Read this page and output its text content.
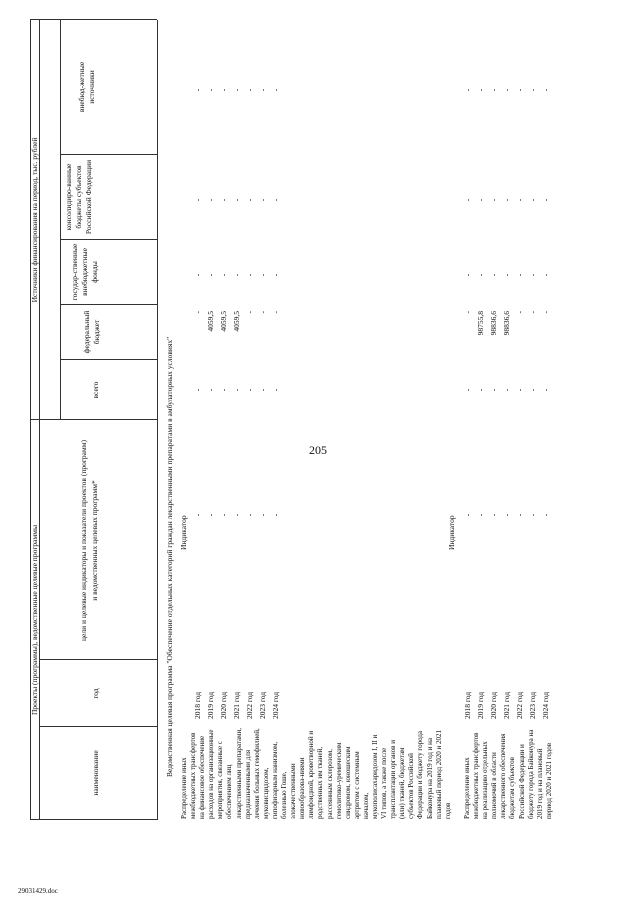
205
29031429.doc
Проекты (программы), ведомственные целевые программы
Источники финансирования на период, тыс. рублей
наименование
год
цели и целевые индикаторы и показатели проектов (программ) и ведомственных целевых программ*
всего
федеральный бюджет
государ-ственные внебюджетные фонды
консолидиро-ванные бюджеты субъектов Российской Федерации
внебюд-жетные источники
Ведомственная целевая программа "Обеспечение отдельных категорий граждан лекарственными препаратами в амбулаторных условиях"
Распределение иных межбюджетных трансфертов на финансовое обеспечение расходов на организационные мероприятия, связанные с обеспечением лиц лекарственными препаратами, предназначенными для лечения больных гемофилией, муковисцидозом, гипофизарным нанизмом, болезнью Гоше, злокачественными новообразова-ниями лимфоидной, кроветворной и родственных им тканей, рассеянным склерозом, гемолитико-уремическим синдромом, юношеским артритом с системным началом, мукополисахаридозом I, II и VI типов, а также после трансплантации органов и (или) тканей, бюджетам субъектов Российской Федерации и бюджету города Байконура на 2019 год и на плановый период 2020 и 2021 годов
Индикатор
Распределение иных межбюджетных трансфертов на реализацию отдельных полномочий в области лекарственного обеспечения бюджетам субъектов Российской Федерации и бюджету города Байконура на 2019 год и на плановый период 2020 и 2021 годов
Индикатор
2018 год
-
-
-
-
-
-
2019 год
-
-
4059,5
-
-
-
2020 год
-
-
4059,5
-
-
-
2021 год
-
-
4059,5
-
-
-
2022 год
-
-
-
-
-
-
2023 год
-
-
-
-
-
-
2024 год
-
-
-
-
-
-
2018 год
-
-
-
-
-
-
2019 год
-
-
98755,8
-
-
-
2020 год
-
-
98836,6
-
-
-
2021 год
-
-
98836,6
-
-
-
2022 год
-
-
-
-
-
-
2023 год
-
-
-
-
-
-
2024 год
-
-
-
-
-
-
